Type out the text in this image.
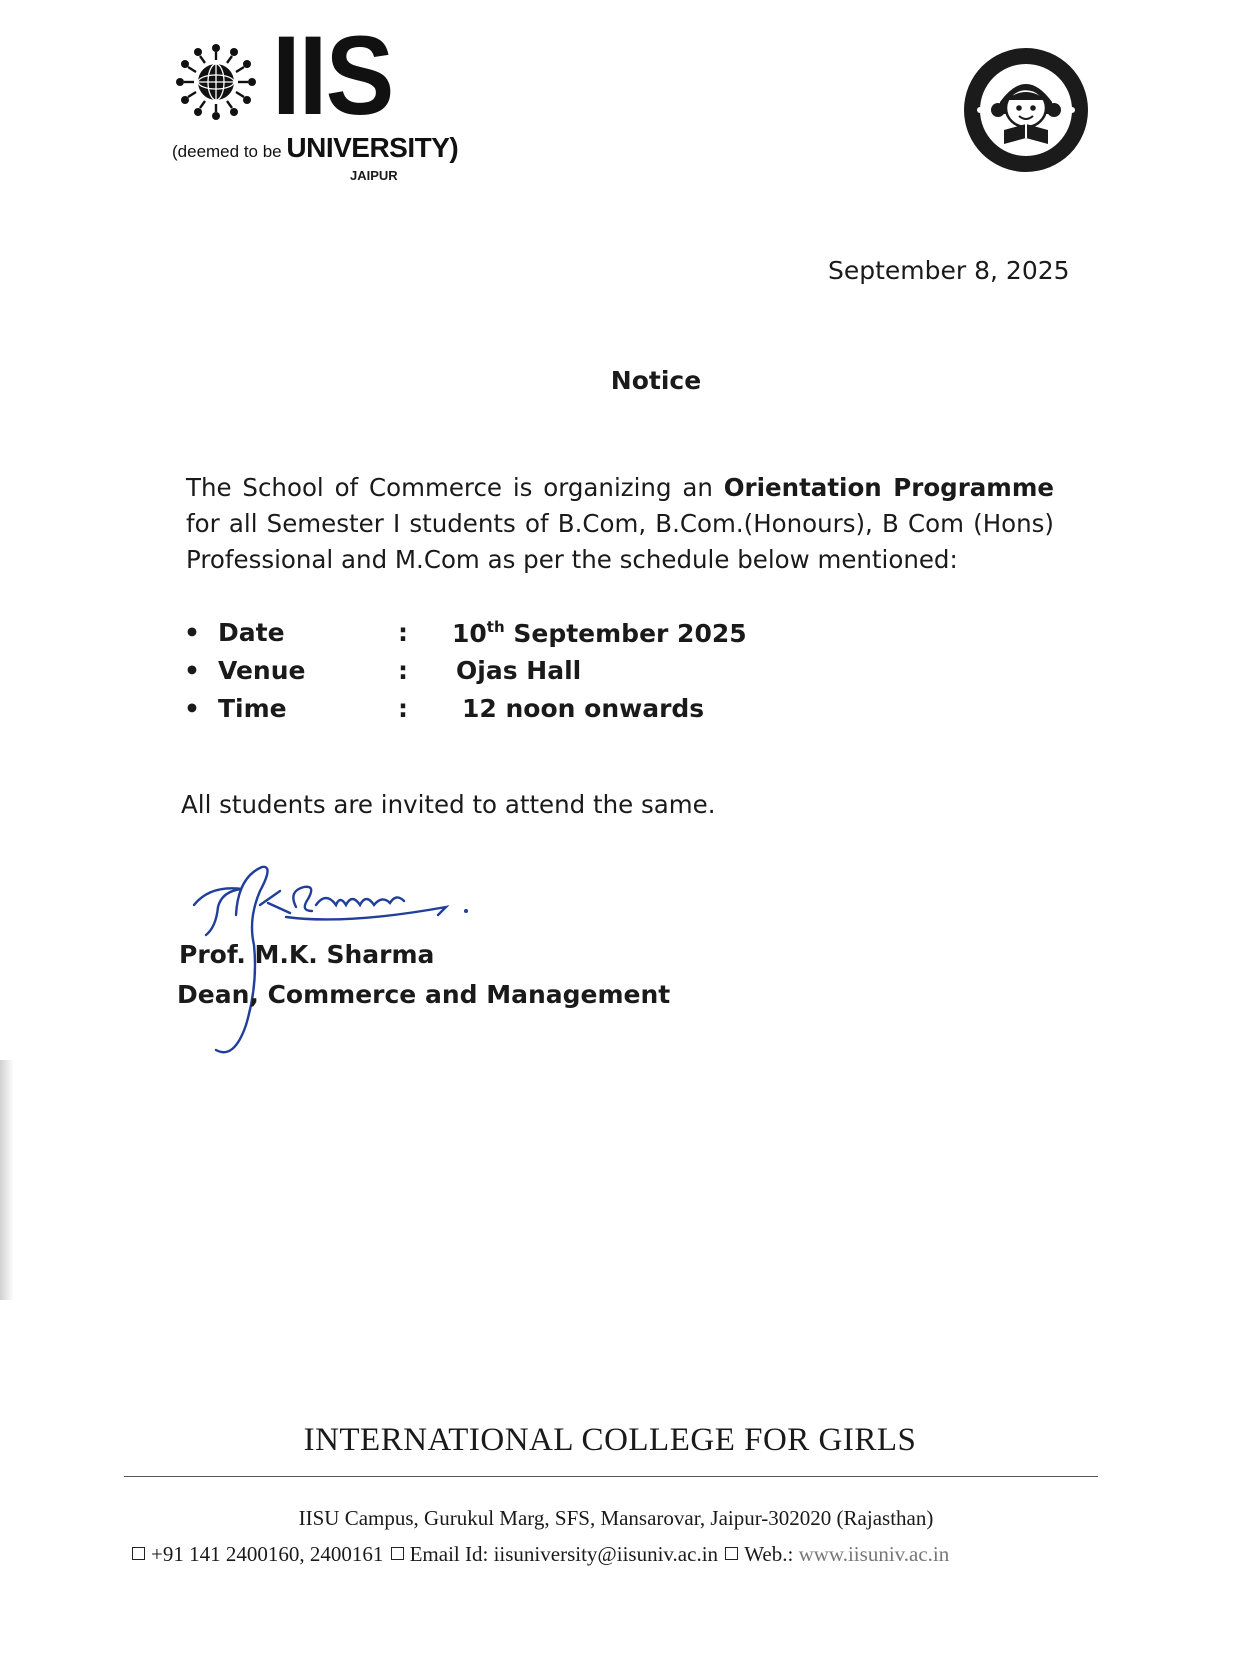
IIS
(deemed to be UNIVERSITY)
JAIPUR
September 8, 2025
Notice
The School of Commerce is organizing an Orientation Programme for all Semester I students of B.Com, B.Com.(Honours), B Com (Hons) Professional and M.Com as per the schedule below mentioned:
• Date	: 10th September 2025
• Venue	: Ojas Hall
• Time	: 12 noon onwards
All students are invited to attend the same.
Prof. M.K. Sharma
Dean, Commerce and Management
INTERNATIONAL COLLEGE FOR GIRLS
IISU Campus, Gurukul Marg, SFS, Mansarovar, Jaipur-302020 (Rajasthan)
+91 141 2400160, 2400161 Email Id: iisuniversity@iisuniv.ac.in Web.: www.iisuniv.ac.in
